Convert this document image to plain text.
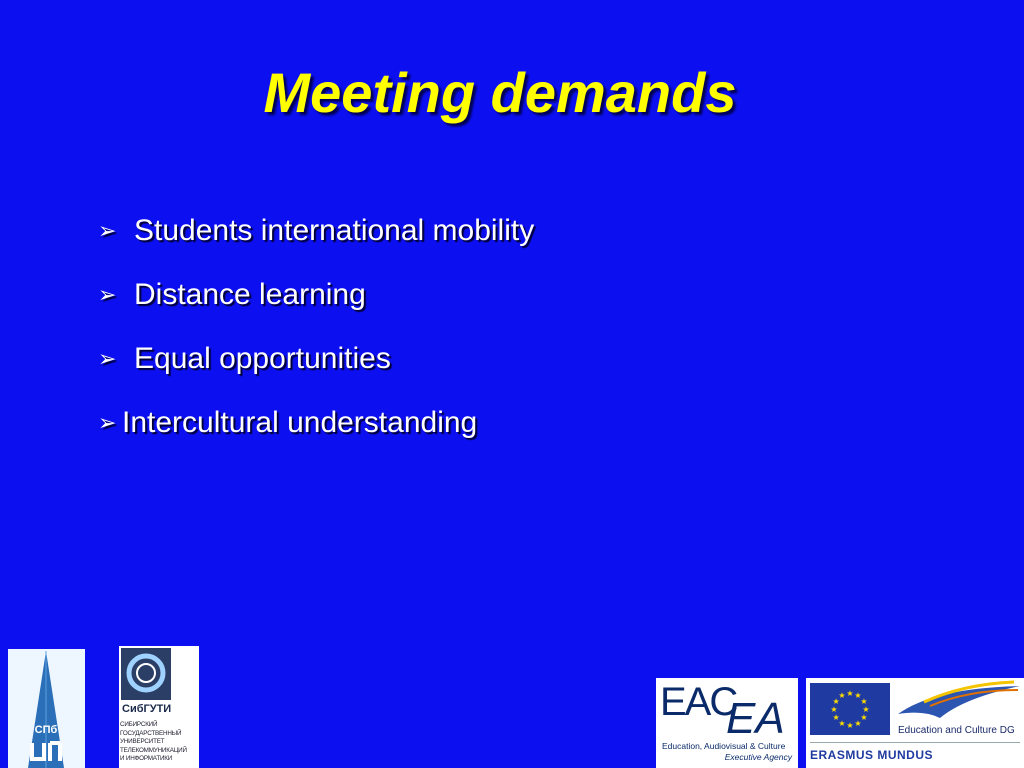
Meeting demands
➢ Students international mobility
➢ Distance learning
➢ Equal opportunities
➢ Intercultural understanding
СПб
СибГУТИ
СИБИРСКИЙ
ГОСУДАРСТВЕННЫЙ
УНИВЕРСИТЕТ
ТЕЛЕКОММУНИКАЦИЙ
И ИНФОРМАТИКИ
EAC
EA
Education, Audiovisual & Culture
Executive Agency
★ ★
★
★
★
★
★
★
★
★
★
★
Education and Culture DG
ERASMUS MUNDUS
